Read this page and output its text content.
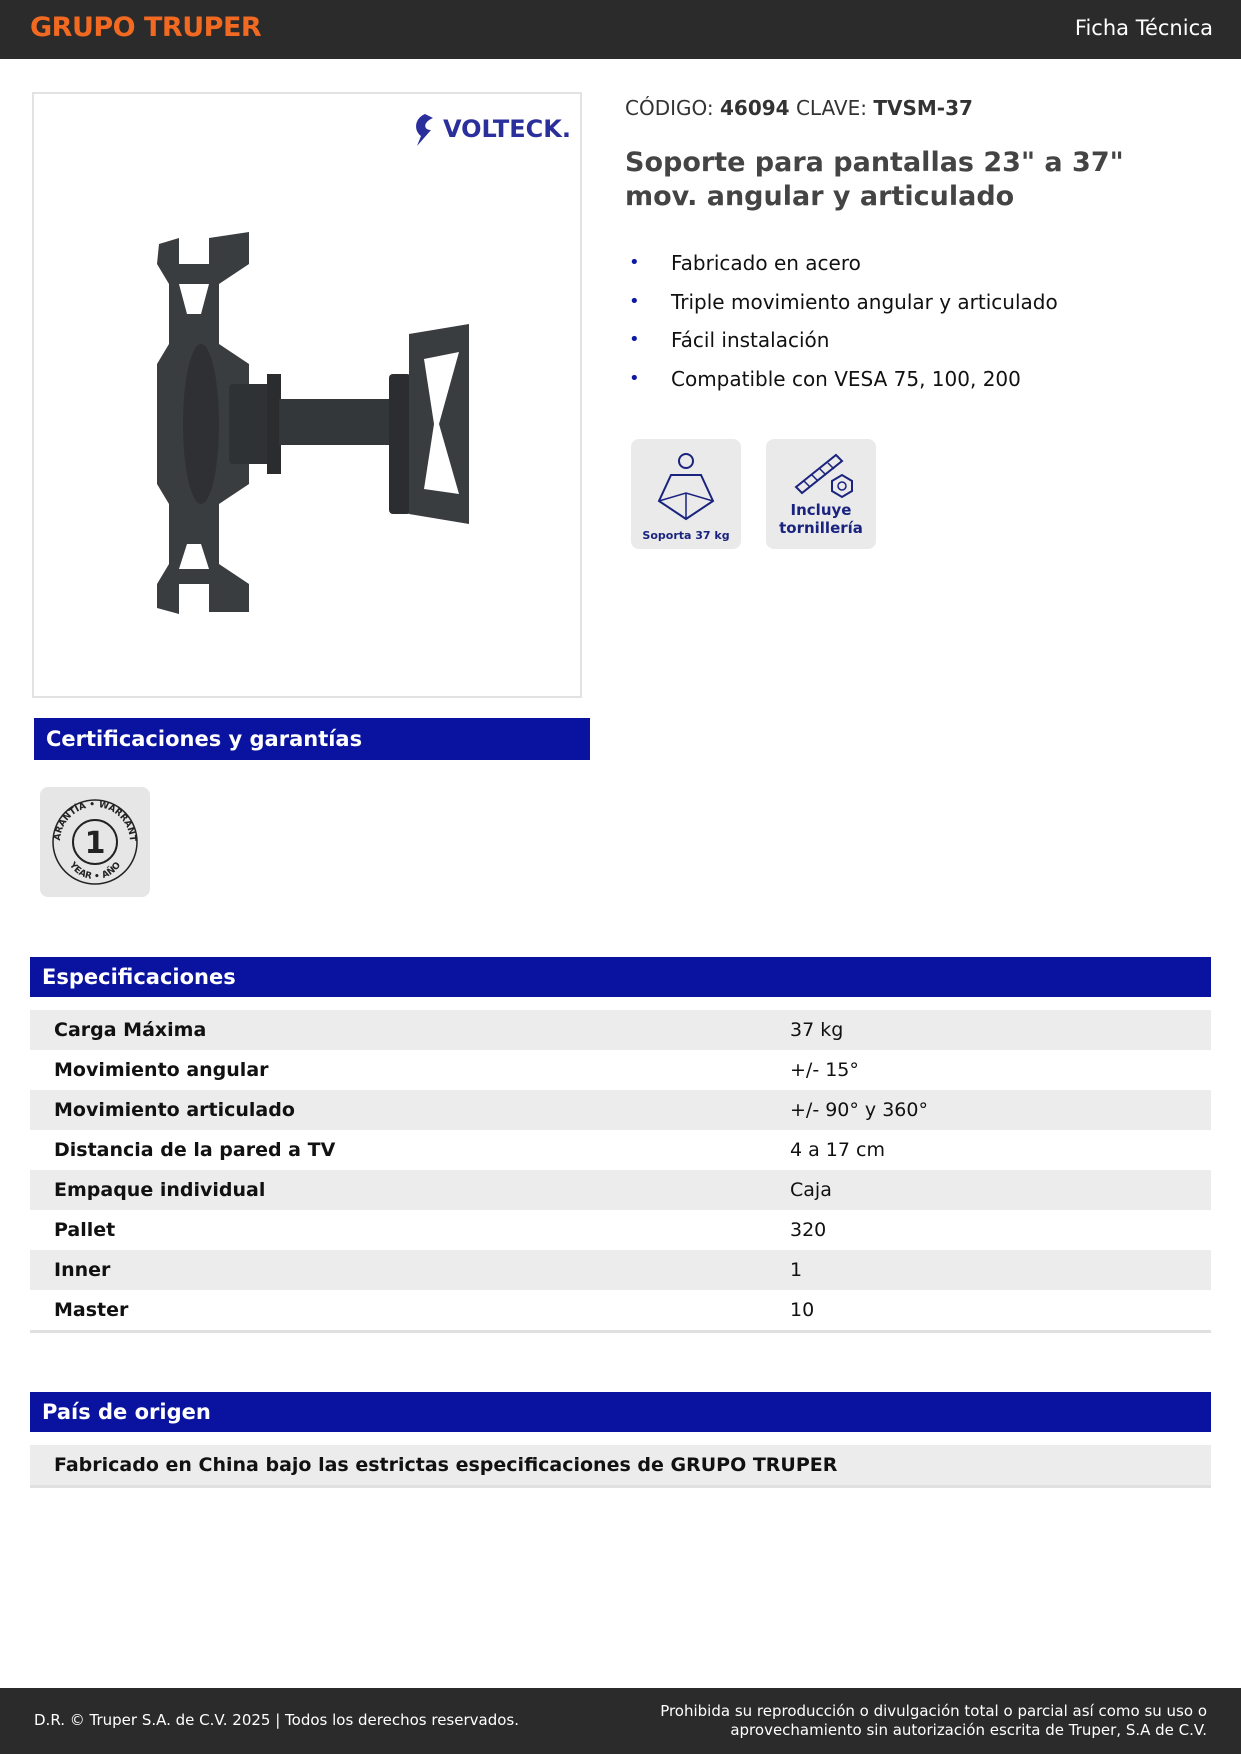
GRUPO TRUPER	Ficha Técnica
VOLTECK.
CÓDIGO: 46094 CLAVE: TVSM-37
Soporte para pantallas 23" a 37" mov. angular y articulado
• Fabricado en acero
• Triple movimiento angular y articulado
• Fácil instalación
• Compatible con VESA 75, 100, 200
Soporta 37 kg
Incluye
tornillería
Certificaciones y garantías
ARANTÍA • WARRANT
YEAR • AÑO
1
Especificaciones
Carga Máxima	37 kg
Movimiento angular	+/- 15°
Movimiento articulado	+/- 90° y 360°
Distancia de la pared a TV	4 a 17 cm
Empaque individual	Caja
Pallet	320
Inner	1
Master	10
País de origen
Fabricado en China bajo las estrictas especificaciones de GRUPO TRUPER
D.R. © Truper S.A. de C.V. 2025 | Todos los derechos reservados.	Prohibida su reproducción o divulgación total o parcial así como su uso o
aprovechamiento sin autorización escrita de Truper, S.A de C.V.
